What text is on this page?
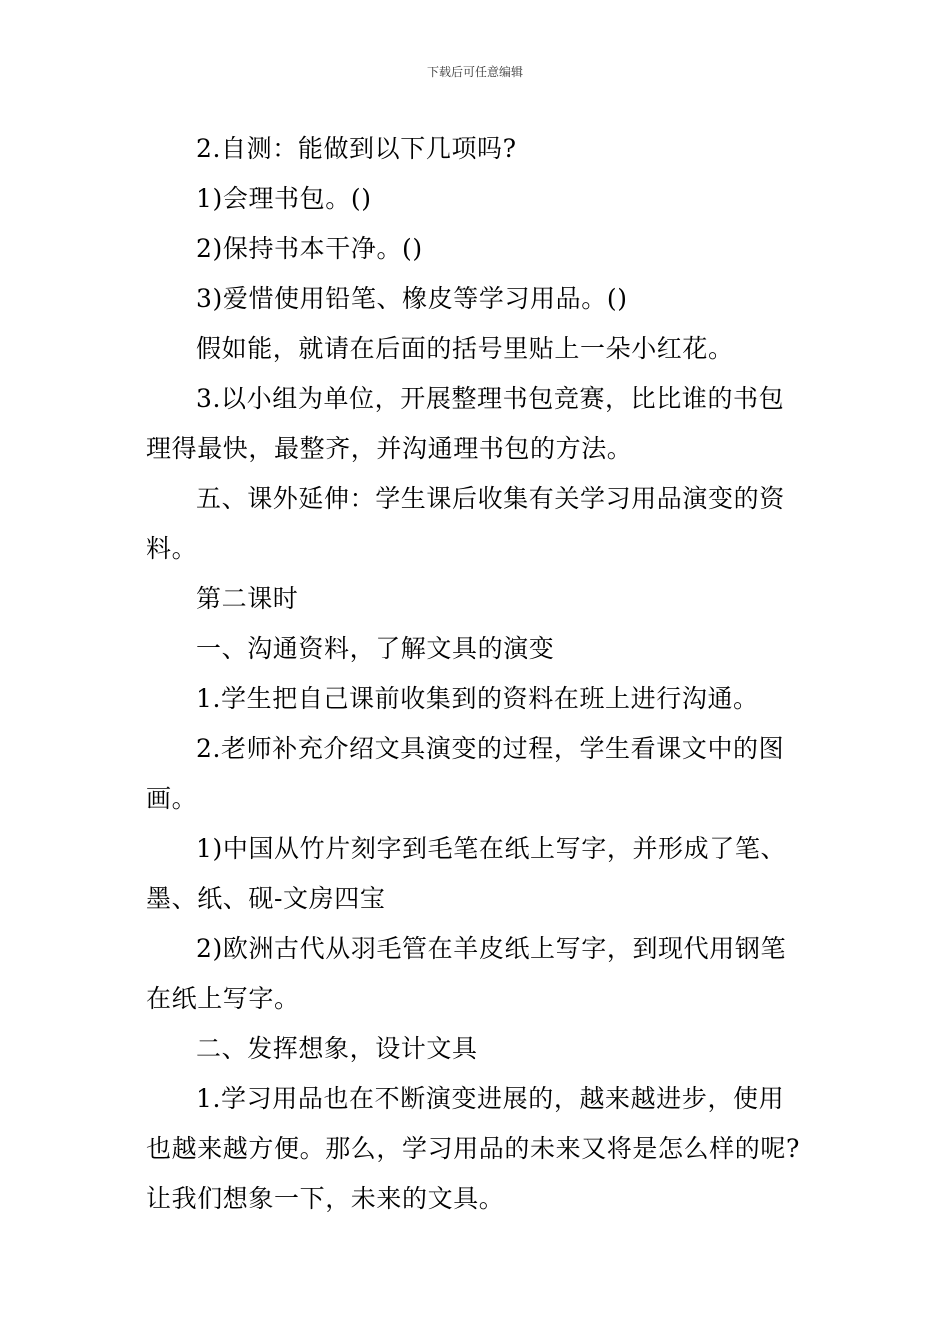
下载后可任意编辑

2.自测：能做到以下几项吗?

1)会理书包。()

2)保持书本干净。()

3)爱惜使用铅笔、橡皮等学习用品。()

假如能，就请在后面的括号里贴上一朵小红花。

3.以小组为单位，开展整理书包竞赛，比比谁的书包理得最快，最整齐，并沟通理书包的方法。

五、课外延伸：学生课后收集有关学习用品演变的资料。

第二课时

一、沟通资料，了解文具的演变

1.学生把自己课前收集到的资料在班上进行沟通。

2.老师补充介绍文具演变的过程，学生看课文中的图画。

1)中国从竹片刻字到毛笔在纸上写字，并形成了笔、墨、纸、砚-文房四宝

2)欧洲古代从羽毛管在羊皮纸上写字，到现代用钢笔在纸上写字。

二、发挥想象，设计文具

1.学习用品也在不断演变进展的，越来越进步，使用也越来越方便。那么，学习用品的未来又将是怎么样的呢?让我们想象一下，未来的文具。
